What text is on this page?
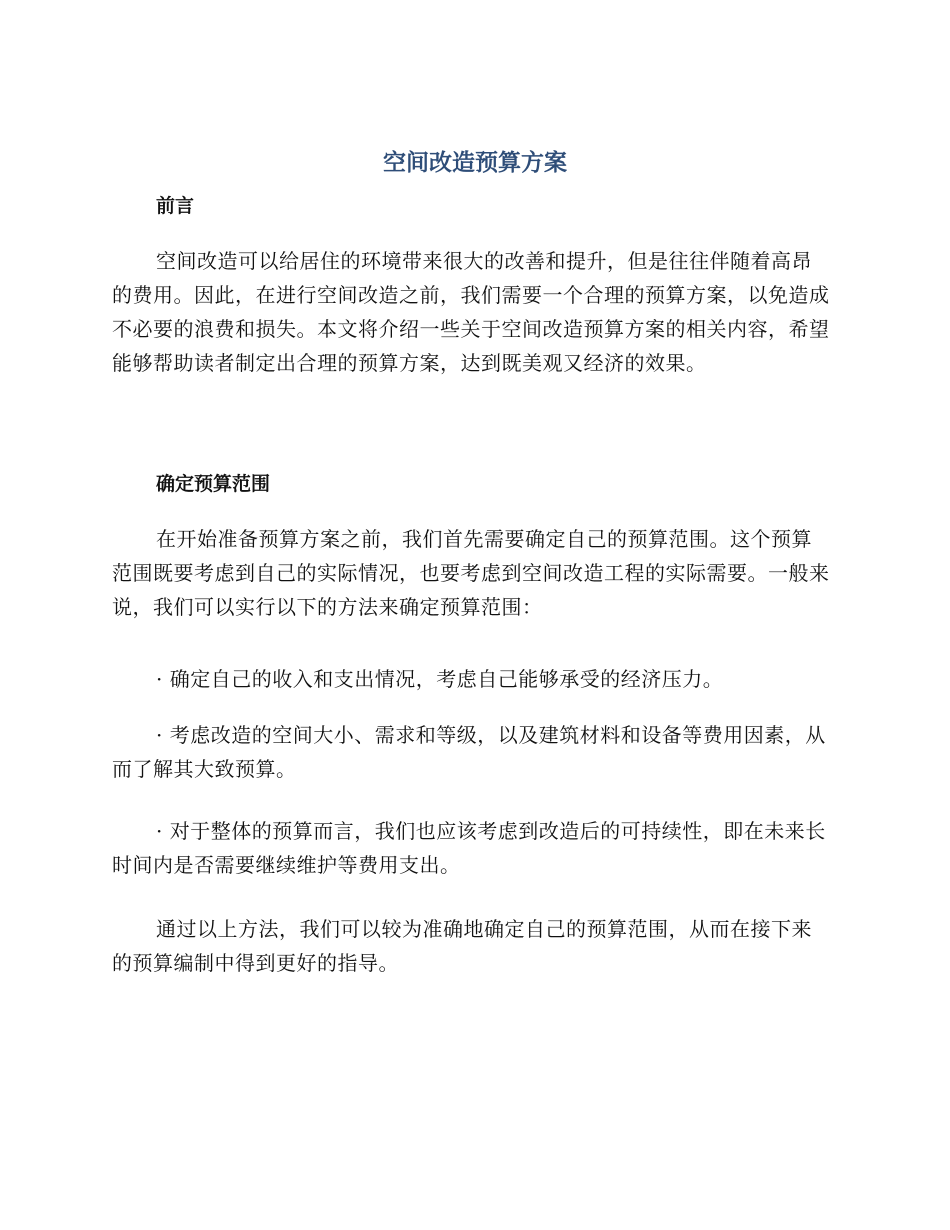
空间改造预算方案
前言

空间改造可以给居住的环境带来很大的改善和提升，但是往往伴随着高昂的费用。因此，在进行空间改造之前，我们需要一个合理的预算方案，以免造成不必要的浪费和损失。本文将介绍一些关于空间改造预算方案的相关内容，希望能够帮助读者制定出合理的预算方案，达到既美观又经济的效果。

确定预算范围

在开始准备预算方案之前，我们首先需要确定自己的预算范围。这个预算范围既要考虑到自己的实际情况，也要考虑到空间改造工程的实际需要。一般来说，我们可以实行以下的方法来确定预算范围：

· 确定自己的收入和支出情况，考虑自己能够承受的经济压力。

· 考虑改造的空间大小、需求和等级，以及建筑材料和设备等费用因素，从而了解其大致预算。

· 对于整体的预算而言，我们也应该考虑到改造后的可持续性，即在未来长时间内是否需要继续维护等费用支出。

通过以上方法，我们可以较为准确地确定自己的预算范围，从而在接下来的预算编制中得到更好的指导。
